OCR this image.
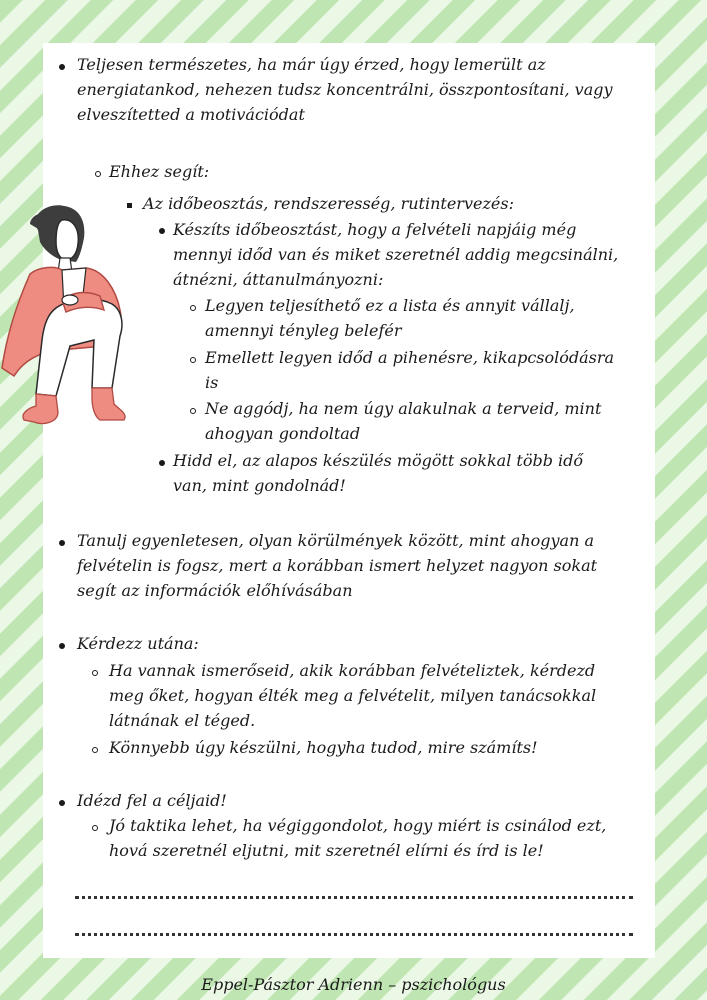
Teljesen természetes, ha már úgy érzed, hogy lemerült az
energiatankod, nehezen tudsz koncentrálni, összpontosítani, vagy
elveszítetted a motivációdat
Ehhez segít:
Az időbeosztás, rendszeresség, rutintervezés:
Készíts időbeosztást, hogy a felvételi napjáig még
mennyi időd van és miket szeretnél addig megcsinálni,
átnézni, áttanulmányozni:
Legyen teljesíthető ez a lista és annyit vállalj,
amennyi tényleg belefér
Emellett legyen időd a pihenésre, kikapcsolódásra
is
Ne aggódj, ha nem úgy alakulnak a terveid, mint
ahogyan gondoltad
Hidd el, az alapos készülés mögött sokkal több idő
van, mint gondolnád!
Tanulj egyenletesen, olyan körülmények között, mint ahogyan a
felvételin is fogsz, mert a korábban ismert helyzet nagyon sokat
segít az információk előhívásában
Kérdezz utána:
Ha vannak ismerőseid, akik korábban felvételiztek, kérdezd
meg őket, hogyan élték meg a felvételit, milyen tanácsokkal
látnának el téged.
Könnyebb úgy készülni, hogyha tudod, mire számíts!
Idézd fel a céljaid!
Jó taktika lehet, ha végiggondolot, hogy miért is csinálod ezt,
hová szeretnél eljutni, mit szeretnél elírni és írd is le!
Eppel-Pásztor Adrienn – pszichológus
